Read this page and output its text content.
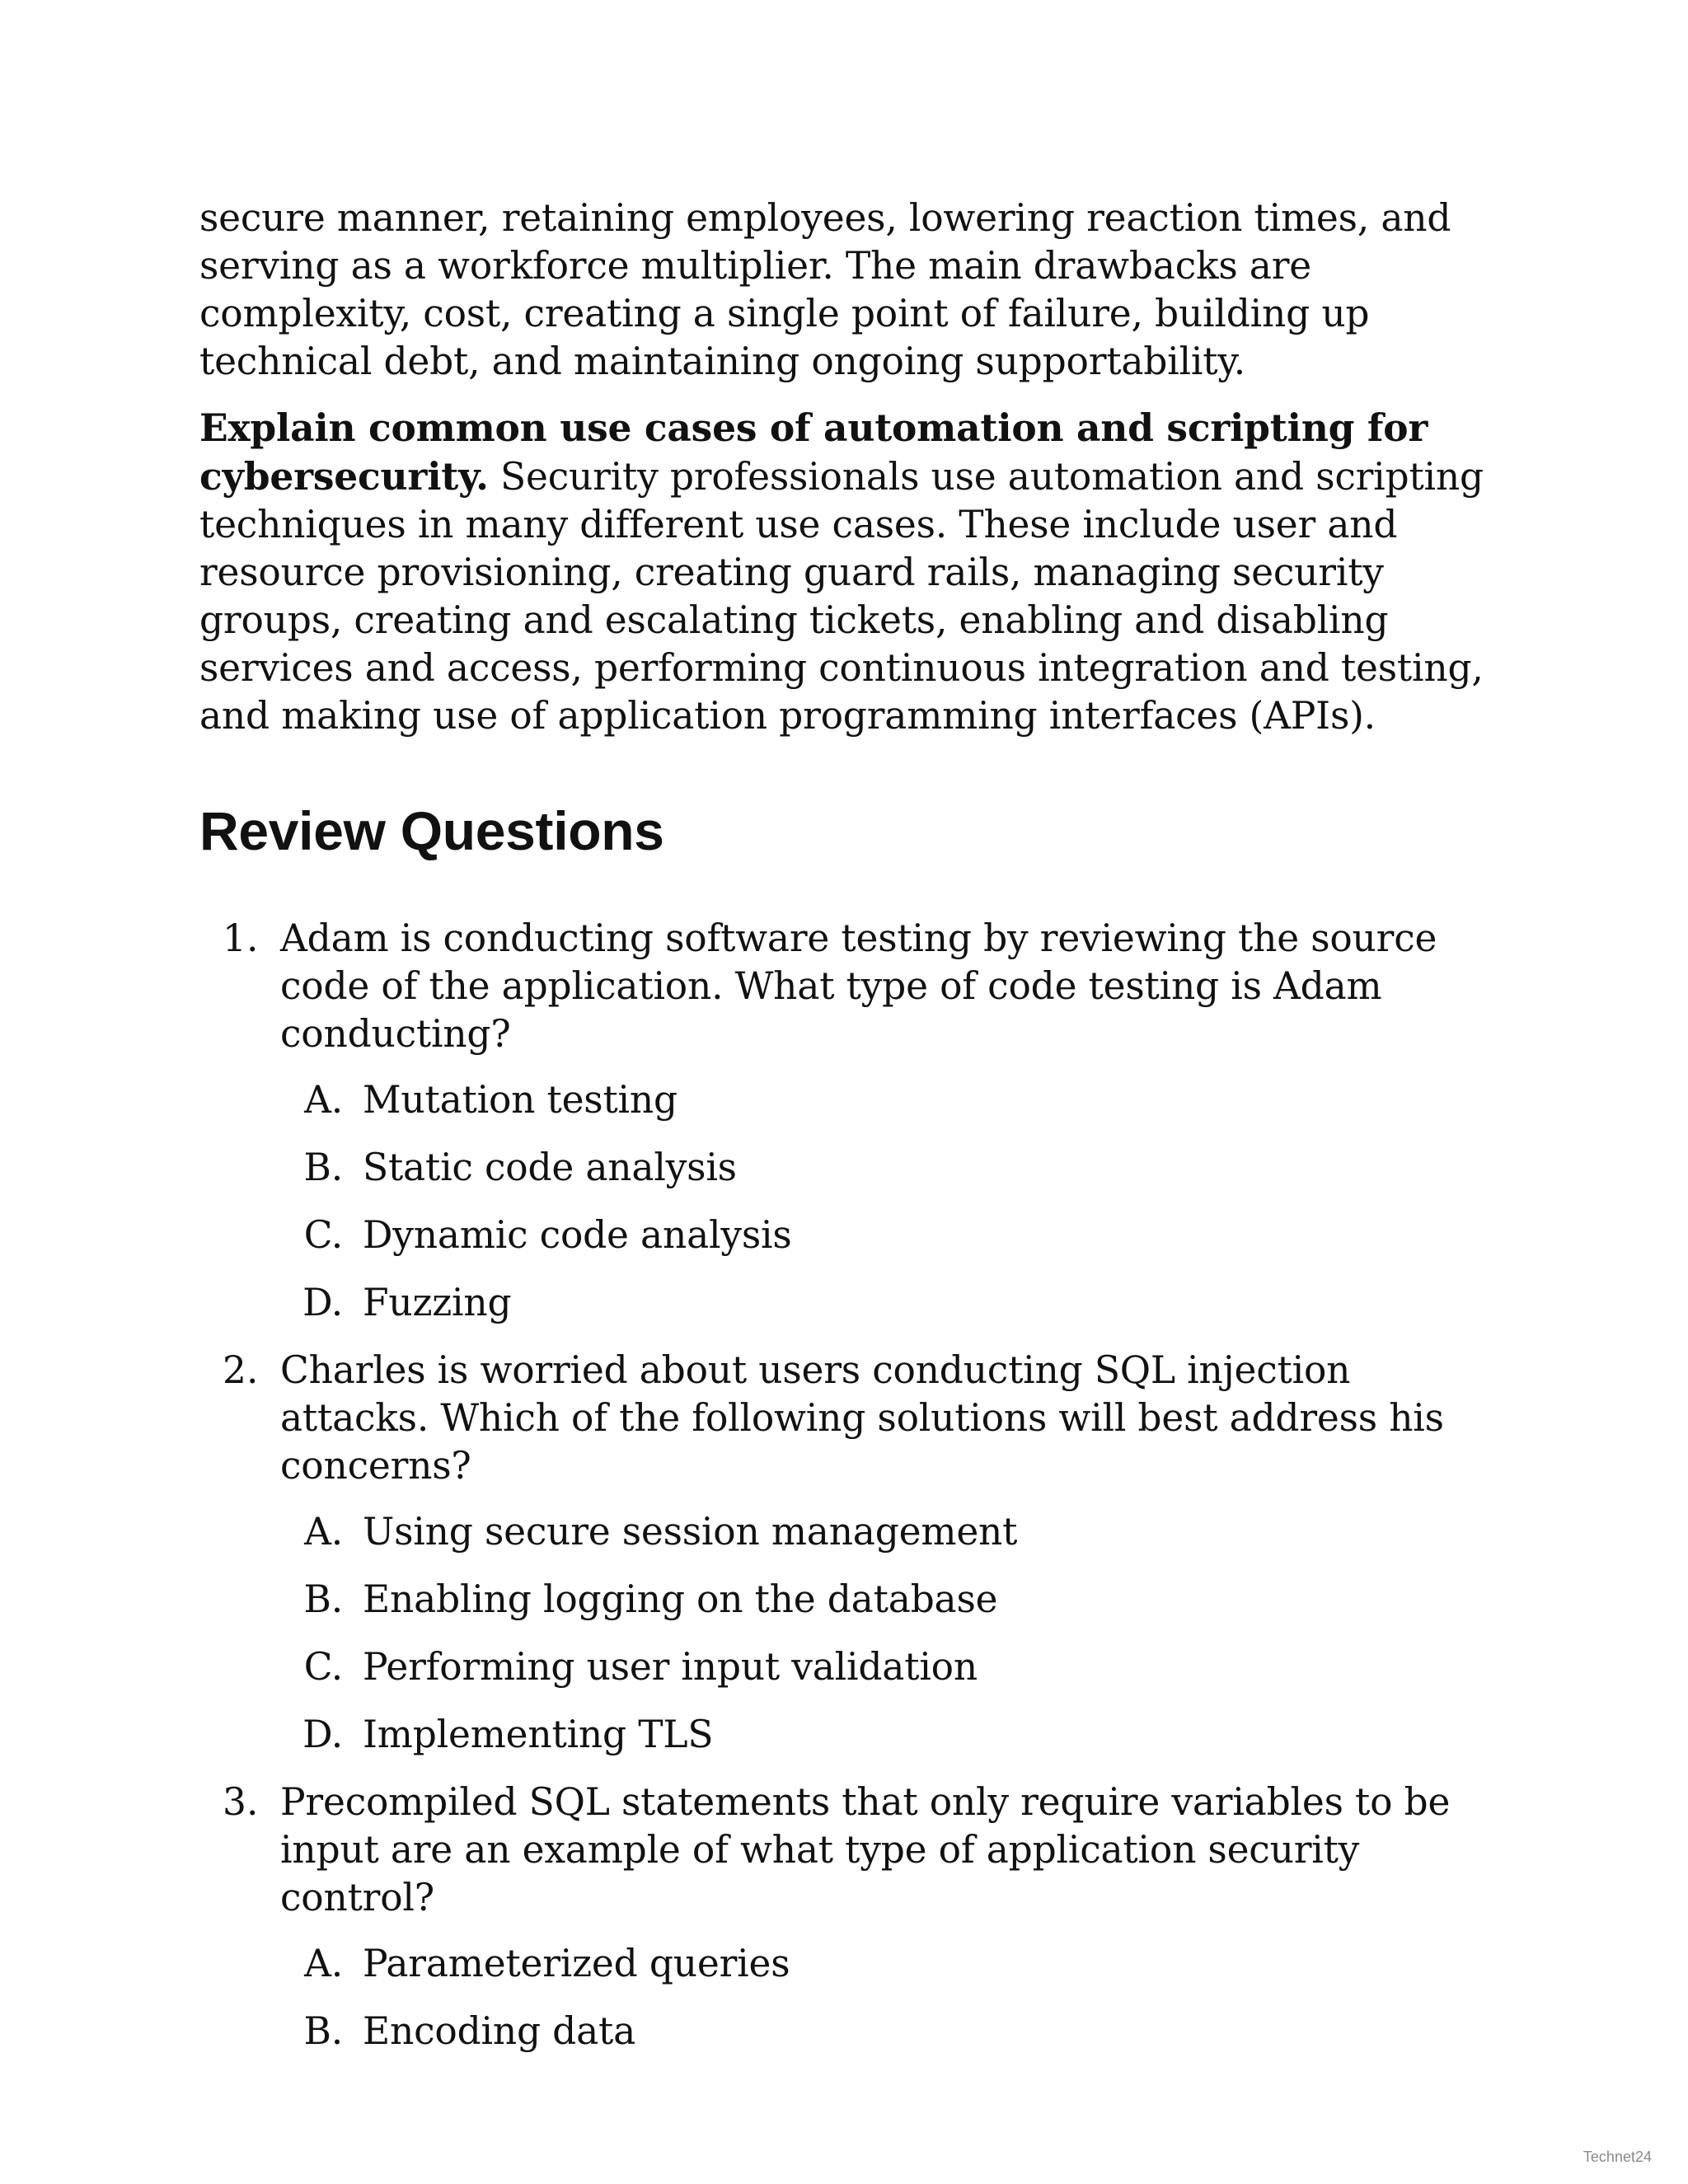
secure manner, retaining employees, lowering reaction times, and serving as a workforce multiplier. The main drawbacks are complexity, cost, creating a single point of failure, building up technical debt, and maintaining ongoing supportability.

Explain common use cases of automation and scripting for cybersecurity. Security professionals use automation and scripting techniques in many different use cases. These include user and resource provisioning, creating guard rails, managing security groups, creating and escalating tickets, enabling and disabling services and access, performing continuous integration and testing, and making use of application programming interfaces (APIs).

Review Questions
1. Adam is conducting software testing by reviewing the source code of the application. What type of code testing is Adam conducting?
A. Mutation testing
B. Static code analysis
C. Dynamic code analysis
D. Fuzzing
2. Charles is worried about users conducting SQL injection attacks. Which of the following solutions will best address his concerns?
A. Using secure session management
B. Enabling logging on the database
C. Performing user input validation
D. Implementing TLS
3. Precompiled SQL statements that only require variables to be input are an example of what type of application security control?
A. Parameterized queries
B. Encoding data
Technet24
